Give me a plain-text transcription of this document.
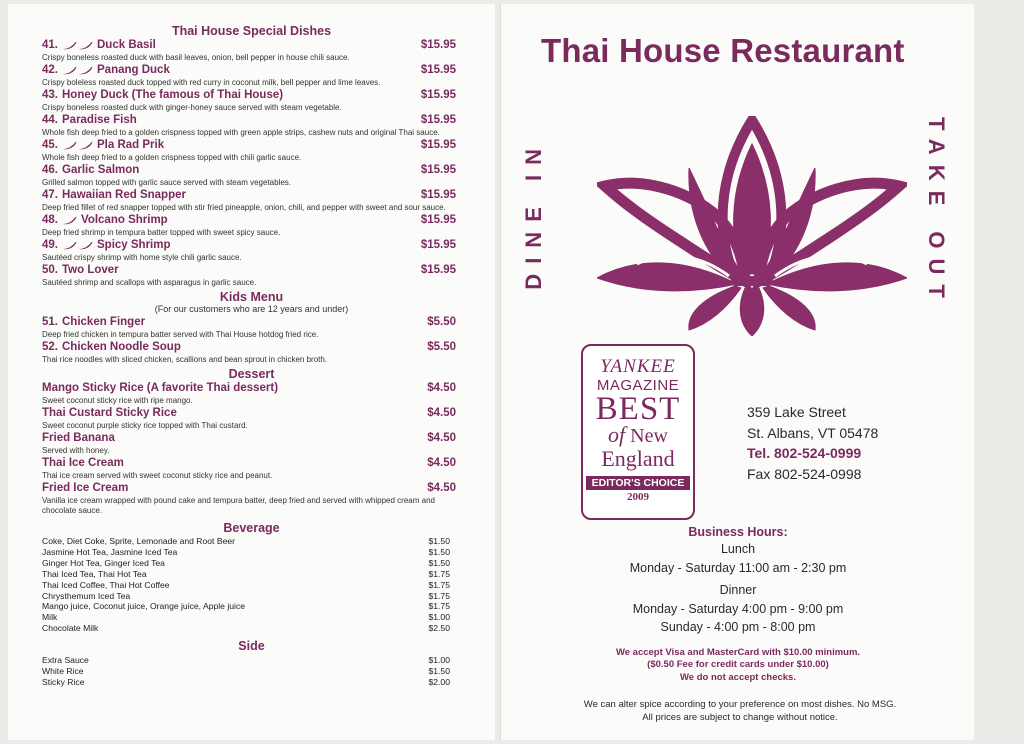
Thai House Special Dishes
41.	Duck Basil	$15.95
Crispy boneless roasted duck with basil leaves, onion, bell pepper in house chili sauce.
42.	Panang Duck	$15.95
Crispy boleless roasted duck topped with red curry in coconut milk, bell pepper and lime leaves.
43. Honey Duck (The famous of Thai House)	$15.95
Crispy boneless roasted duck with ginger-honey sauce served with steam vegetable.
44. Paradise Fish	$15.95
Whole fish deep fried to a golden crispness topped with green apple strips, cashew nuts and original Thai sauce.
45.	Pla Rad Prik	$15.95
Whole fish deep fried to a golden crispness topped with chili garlic sauce.
46. Garlic Salmon	$15.95
Grilled salmon topped with garlic sauce served with steam vegetables.
47. Hawaiian Red Snapper	$15.95
Deep fried fillet of red snapper topped with stir fried pineapple, onion, chili, and pepper with sweet and sour sauce.
48. Volcano Shrimp	$15.95
Deep fried shrimp in tempura batter topped with sweet spicy sauce.
49.	Spicy Shrimp	$15.95
Sautéed crispy shrimp with home style chili garlic sauce.
50. Two Lover	$15.95
Sautéed shrimp and scallops with asparagus in garlic sauce.
Kids Menu
(For our customers who are 12 years and under)
51. Chicken Finger	$5.50
Deep fried chicken in tempura batter served with Thai House hotdog fried rice.
52. Chicken Noodle Soup	$5.50
Thai rice noodles with sliced chicken, scallions and bean sprout in chicken broth.
Dessert
Mango Sticky Rice (A favorite Thai dessert)	$4.50
Sweet coconut sticky rice with ripe mango.
Thai Custard Sticky Rice	$4.50
Sweet coconut purple sticky rice topped with Thai custard.
Fried Banana	$4.50
Served with honey.
Thai Ice Cream	$4.50
Thai ice cream served with sweet coconut sticky rice and peanut.
Fried Ice Cream	$4.50
Vanilla ice cream wrapped with pound cake and tempura batter, deep fried and served with whipped cream and chocolate sauce.
Beverage
Coke, Diet Coke, Sprite, Lemonade and Root Beer	$1.50
Jasmine Hot Tea, Jasmine Iced Tea	$1.50
Ginger Hot Tea, Ginger Iced Tea	$1.50
Thai Iced Tea, Thai Hot Tea	$1.75
Thai Iced Coffee, Thai Hot Coffee	$1.75
Chrysthemum Iced Tea	$1.75
Mango juice, Coconut juice, Orange juice, Apple juice	$1.75
Milk	$1.00
Chocolate Milk	$2.50
Side
Extra Sauce	$1.00
White Rice	$1.50
Sticky Rice	$2.00
Thai House Restaurant
DINE IN	TAKE OUT
YANKEE
MAGAZINE
BEST
of New
England
EDITOR'S CHOICE
2009
359 Lake Street
St. Albans, VT 05478
Tel. 802-524-0999
Fax 802-524-0998
Business Hours:
Lunch
Monday - Saturday 11:00 am - 2:30 pm
Dinner
Monday - Saturday 4:00 pm - 9:00 pm
Sunday - 4:00 pm - 8:00 pm
We accept Visa and MasterCard with $10.00 minimum.
($0.50 Fee for credit cards under $10.00)
We do not accept checks.
We can alter spice according to your preference on most dishes. No MSG.
All prices are subject to change without notice.
